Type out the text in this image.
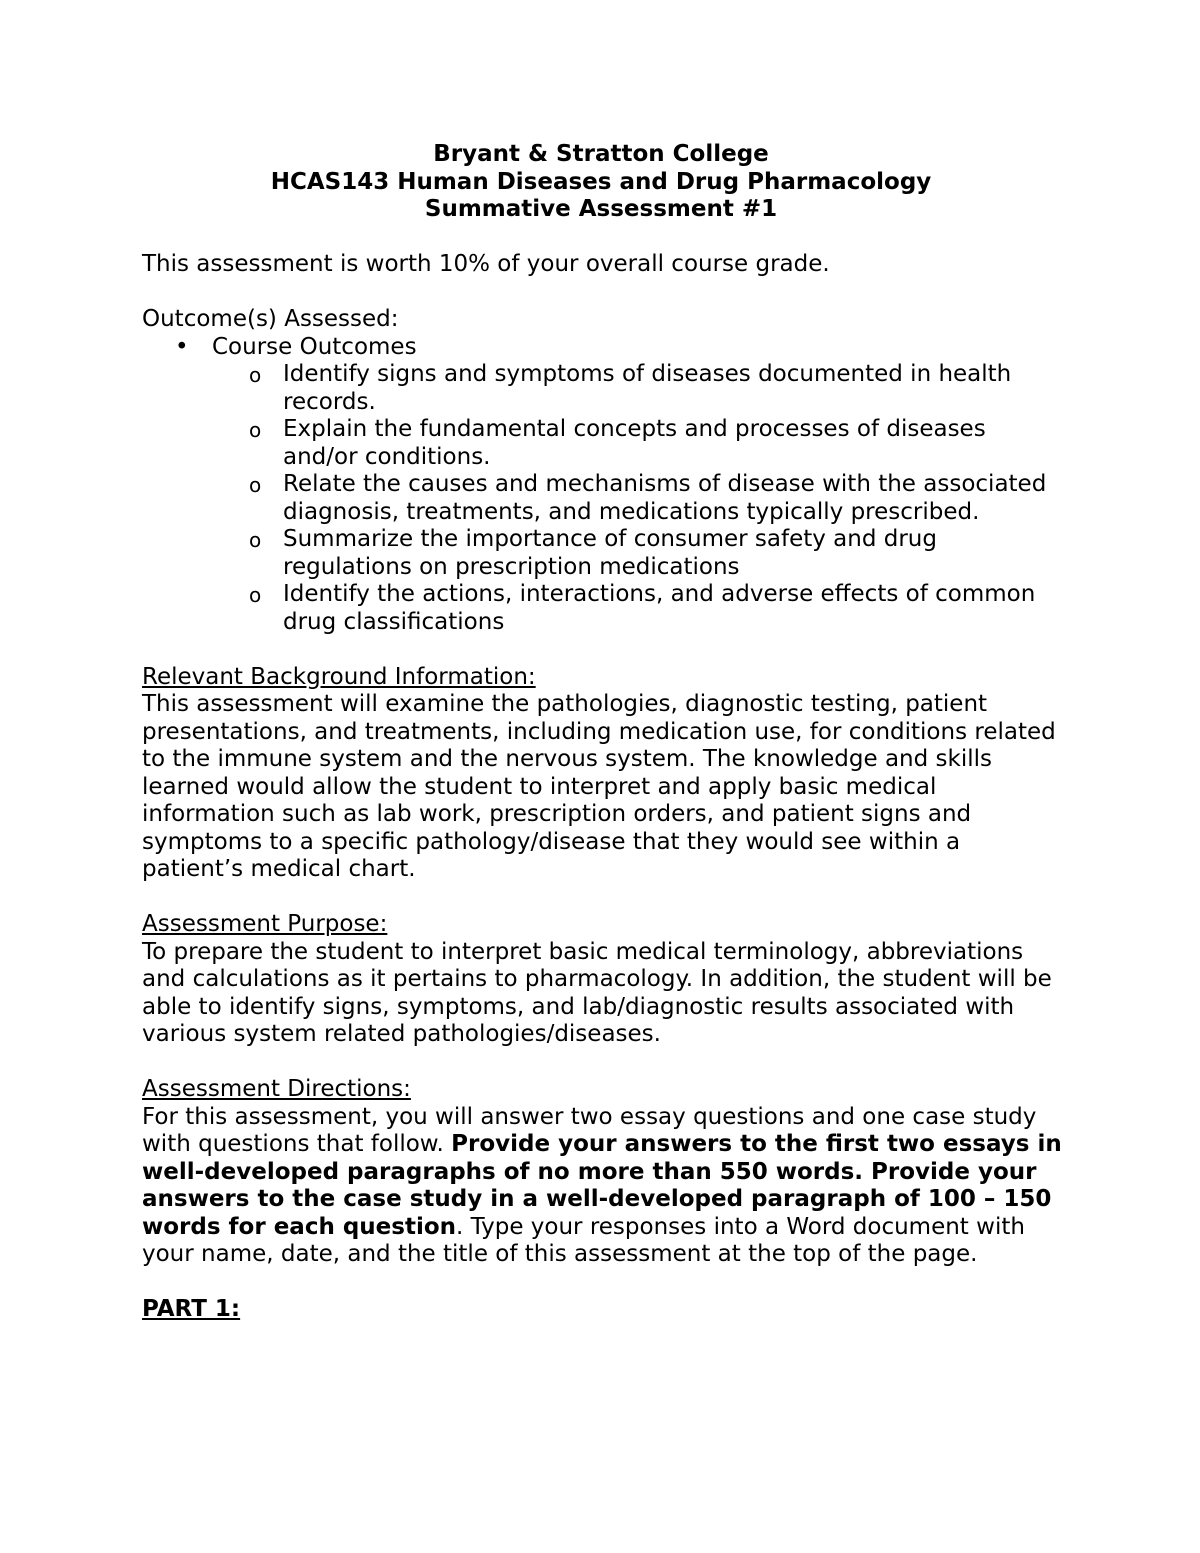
Bryant & Stratton College
HCAS143 Human Diseases and Drug Pharmacology
Summative Assessment #1

This assessment is worth 10% of your overall course grade.

Outcome(s) Assessed:

• Course Outcomes
o Identify signs and symptoms of diseases documented in health records.
o Explain the fundamental concepts and processes of diseases and/or conditions.
o Relate the causes and mechanisms of disease with the associated diagnosis, treatments, and medications typically prescribed.
o Summarize the importance of consumer safety and drug regulations on prescription medications
o Identify the actions, interactions, and adverse effects of common drug classifications

Relevant Background Information:

This assessment will examine the pathologies, diagnostic testing, patient presentations, and treatments, including medication use, for conditions related to the immune system and the nervous system. The knowledge and skills learned would allow the student to interpret and apply basic medical information such as lab work, prescription orders, and patient signs and symptoms to a specific pathology/disease that they would see within a patient’s medical chart.

Assessment Purpose:

To prepare the student to interpret basic medical terminology, abbreviations and calculations as it pertains to pharmacology. In addition, the student will be able to identify signs, symptoms, and lab/diagnostic results associated with various system related pathologies/diseases.

Assessment Directions:

For this assessment, you will answer two essay questions and one case study with questions that follow. Provide your answers to the first two essays in well-developed paragraphs of no more than 550 words. Provide your answers to the case study in a well-developed paragraph of 100 – 150 words for each question. Type your responses into a Word document with your name, date, and the title of this assessment at the top of the page.

PART 1:
